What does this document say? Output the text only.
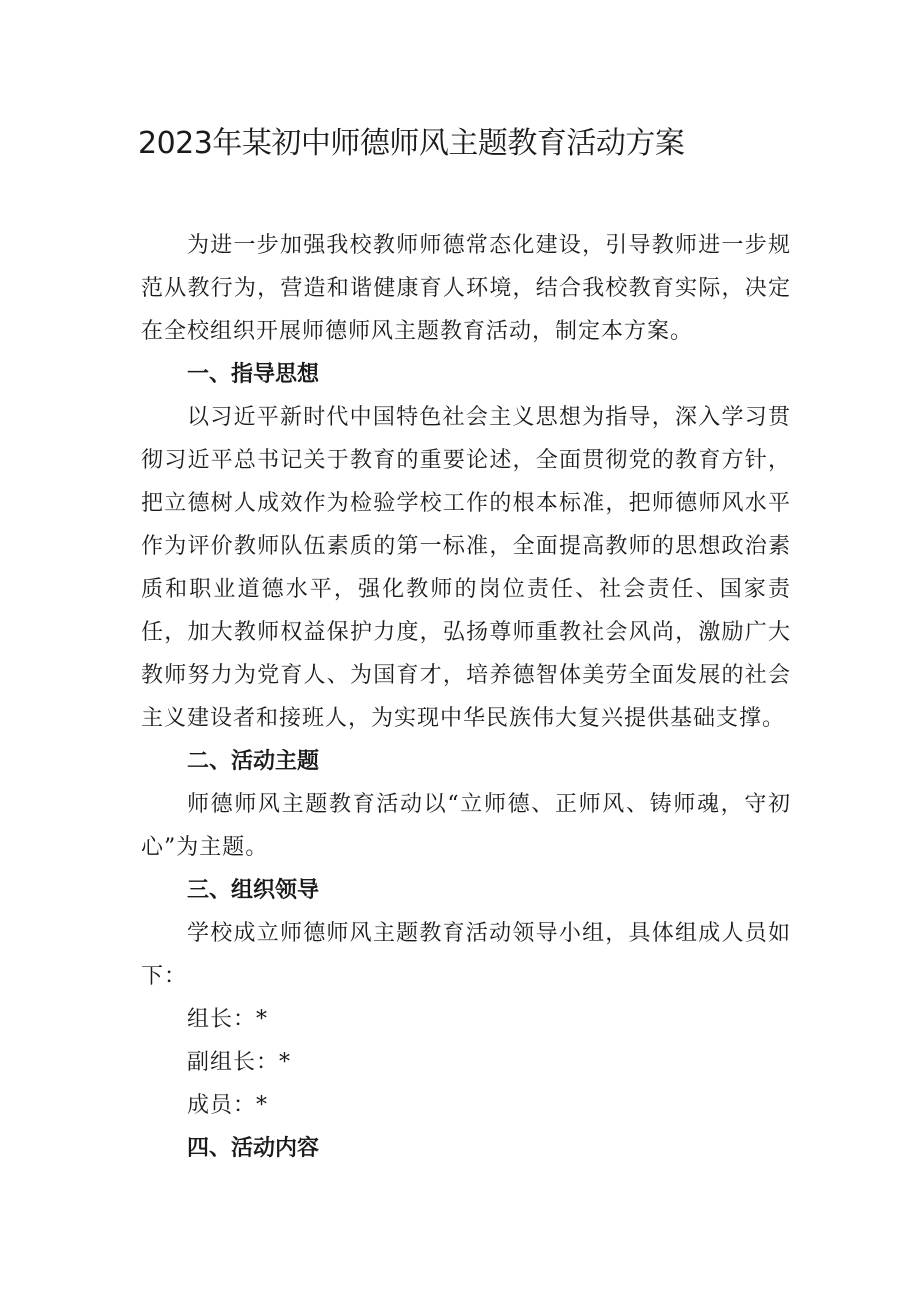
2023年某初中师德师风主题教育活动方案

为进一步加强我校教师师德常态化建设，引导教师进一步规范从教行为，营造和谐健康育人环境，结合我校教育实际，决定在全校组织开展师德师风主题教育活动，制定本方案。

一、指导思想

以习近平新时代中国特色社会主义思想为指导，深入学习贯彻习近平总书记关于教育的重要论述，全面贯彻党的教育方针，把立德树人成效作为检验学校工作的根本标准，把师德师风水平作为评价教师队伍素质的第一标准，全面提高教师的思想政治素质和职业道德水平，强化教师的岗位责任、社会责任、国家责任，加大教师权益保护力度，弘扬尊师重教社会风尚，激励广大教师努力为党育人、为国育才，培养德智体美劳全面发展的社会主义建设者和接班人，为实现中华民族伟大复兴提供基础支撑。

二、活动主题

师德师风主题教育活动以“立师德、正师风、铸师魂，守初心”为主题。

三、组织领导

学校成立师德师风主题教育活动领导小组，具体组成人员如下：

组长：*

副组长：*

成员：*

四、活动内容
